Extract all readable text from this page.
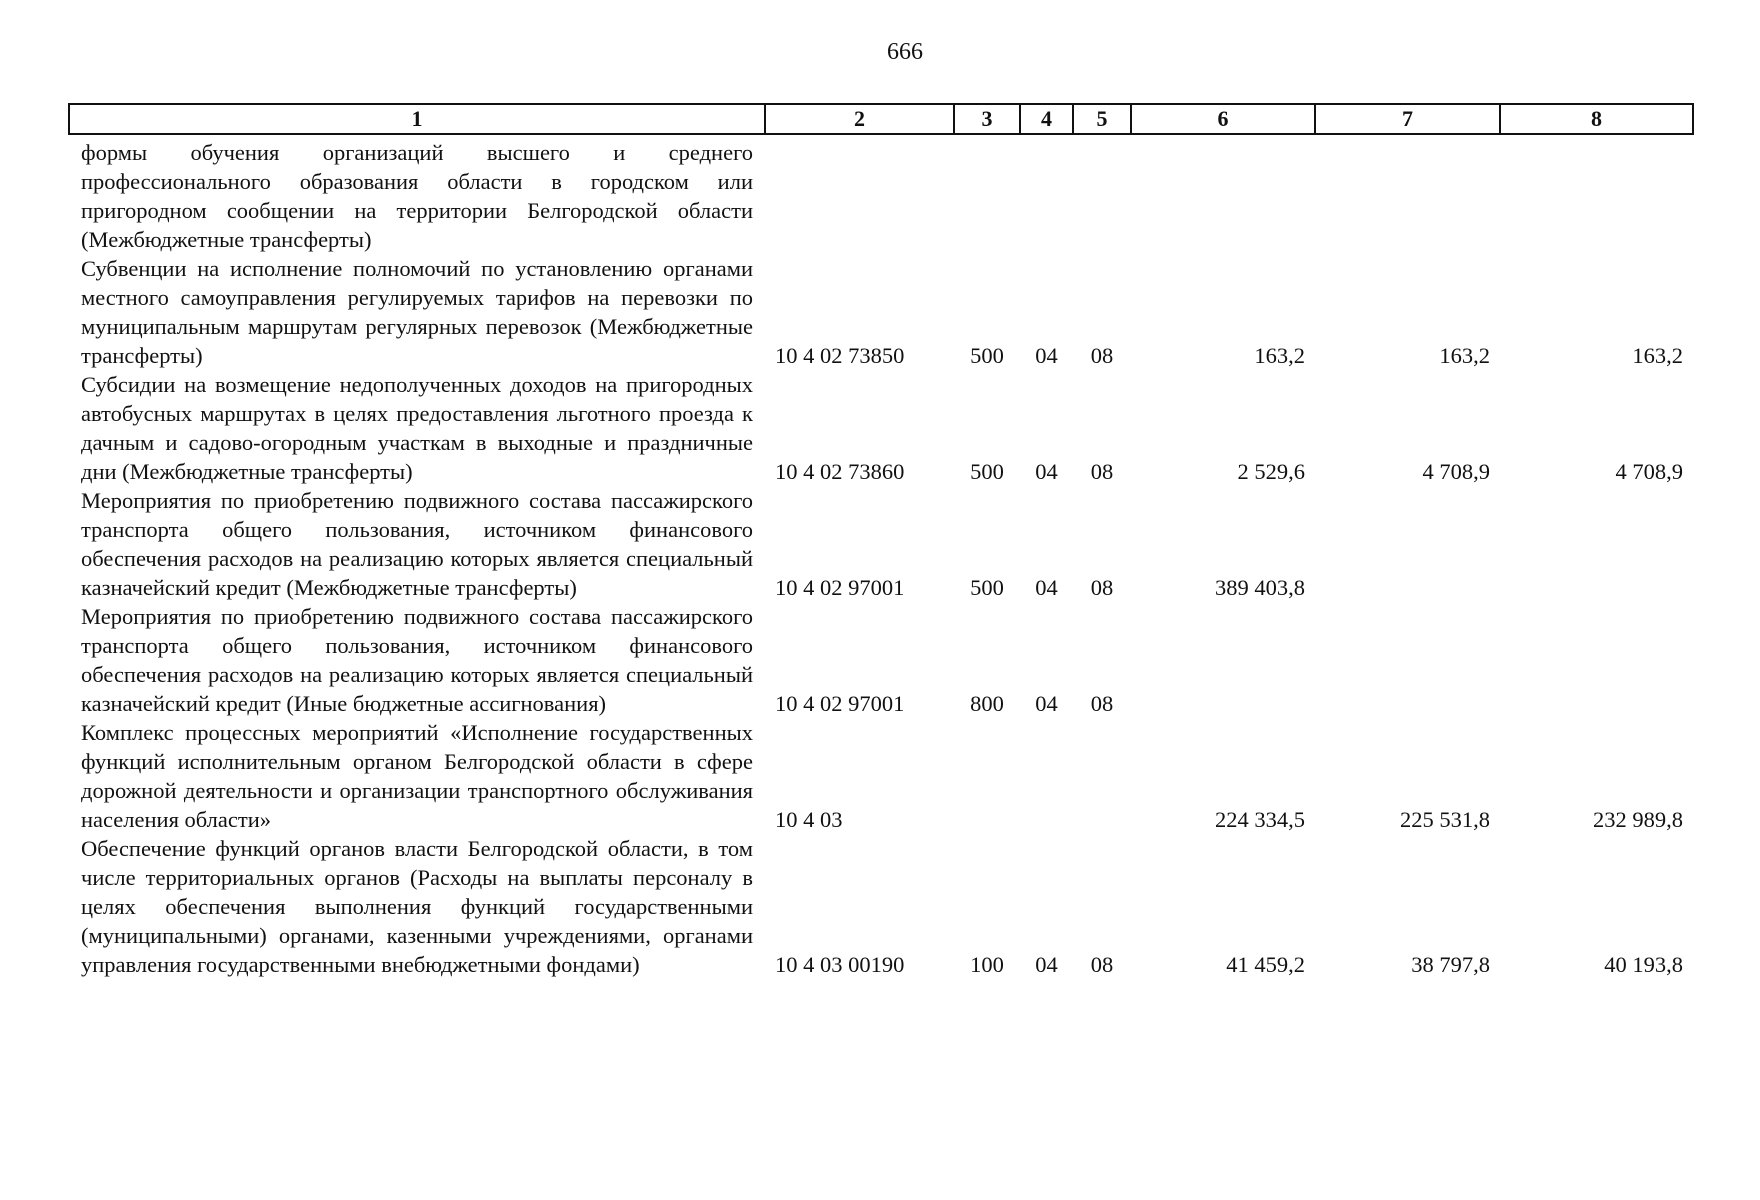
666
1	2	3	4	5	6	7	8
формы обучения организаций высшего и среднего профессионального образования области в городском или пригородном сообщении на территории Белгородской области (Межбюджетные трансферты)							
Субвенции на исполнение полномочий по установлению органами местного самоуправления регулируемых тарифов на перевозки по муниципальным маршрутам регулярных перевозок (Межбюджетные трансферты)	10 4 02 73850	500	04	08	163,2	163,2	163,2
Субсидии на возмещение недополученных доходов на пригородных автобусных маршрутах в целях предоставления льготного проезда к дачным и садово-огородным участкам в выходные и праздничные дни (Межбюджетные трансферты)	10 4 02 73860	500	04	08	2 529,6	4 708,9	4 708,9
Мероприятия по приобретению подвижного состава пассажирского транспорта общего пользования, источником финансового обеспечения расходов на реализацию которых является специальный казначейский кредит (Межбюджетные трансферты)	10 4 02 97001	500	04	08	389 403,8		
Мероприятия по приобретению подвижного состава пассажирского транспорта общего пользования, источником финансового обеспечения расходов на реализацию которых является специальный казначейский кредит (Иные бюджетные ассигнования)	10 4 02 97001	800	04	08			
Комплекс процессных мероприятий «Исполнение государственных функций исполнительным органом Белгородской области в сфере дорожной деятельности и организации транспортного обслуживания населения области»	10 4 03				224 334,5	225 531,8	232 989,8
Обеспечение функций органов власти Белгородской области, в том числе территориальных органов (Расходы на выплаты персоналу в целях обеспечения выполнения функций государственными (муниципальными) органами, казенными учреждениями, органами управления государственными внебюджетными фондами)	10 4 03 00190	100	04	08	41 459,2	38 797,8	40 193,8
